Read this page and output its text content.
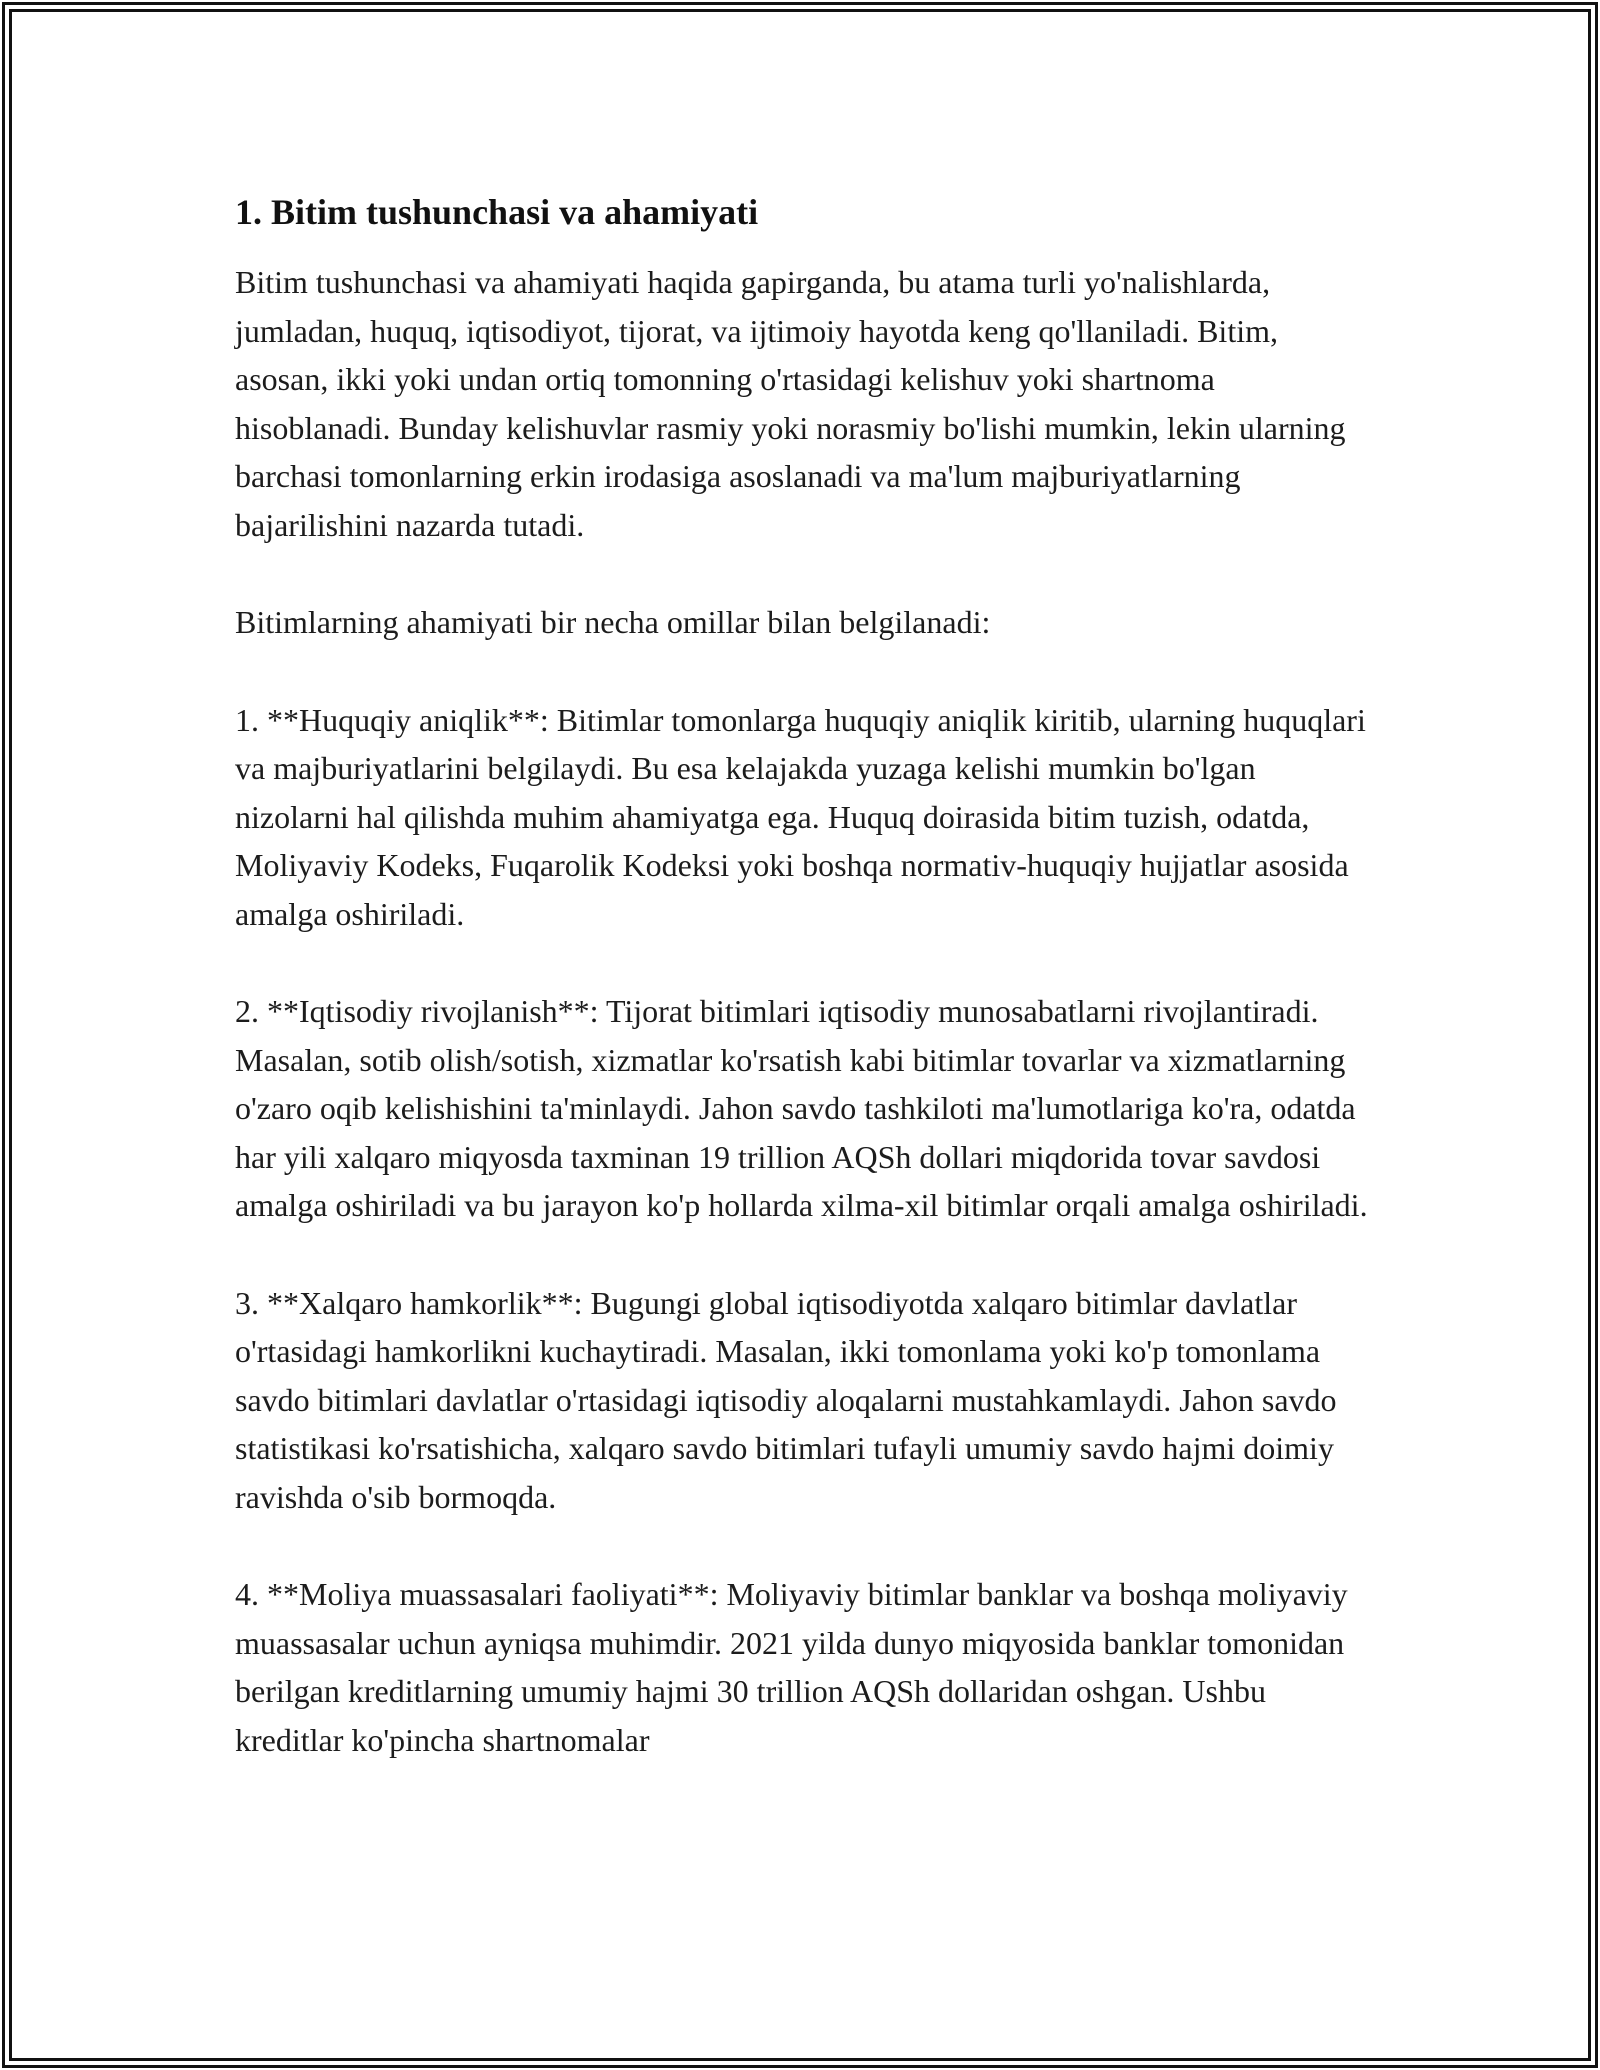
1. Bitim tushunchasi va ahamiyati

Bitim tushunchasi va ahamiyati haqida gapirganda, bu atama turli yo'nalishlarda, jumladan, huquq, iqtisodiyot, tijorat, va ijtimoiy hayotda keng qo'llaniladi. Bitim, asosan, ikki yoki undan ortiq tomonning o'rtasidagi kelishuv yoki shartnoma hisoblanadi. Bunday kelishuvlar rasmiy yoki norasmiy bo'lishi mumkin, lekin ularning barchasi tomonlarning erkin irodasiga asoslanadi va ma'lum majburiyatlarning bajarilishini nazarda tutadi.

Bitimlarning ahamiyati bir necha omillar bilan belgilanadi:

1. **Huquqiy aniqlik**: Bitimlar tomonlarga huquqiy aniqlik kiritib, ularning huquqlari va majburiyatlarini belgilaydi. Bu esa kelajakda yuzaga kelishi mumkin bo'lgan nizolarni hal qilishda muhim ahamiyatga ega. Huquq doirasida bitim tuzish, odatda, Moliyaviy Kodeks, Fuqarolik Kodeksi yoki boshqa normativ-huquqiy hujjatlar asosida amalga oshiriladi.

2. **Iqtisodiy rivojlanish**: Tijorat bitimlari iqtisodiy munosabatlarni rivojlantiradi. Masalan, sotib olish/sotish, xizmatlar ko'rsatish kabi bitimlar tovarlar va xizmatlarning o'zaro oqib kelishishini ta'minlaydi. Jahon savdo tashkiloti ma'lumotlariga ko'ra, odatda har yili xalqaro miqyosda taxminan 19 trillion AQSh dollari miqdorida tovar savdosi amalga oshiriladi va bu jarayon ko'p hollarda xilma-xil bitimlar orqali amalga oshiriladi.

3. **Xalqaro hamkorlik**: Bugungi global iqtisodiyotda xalqaro bitimlar davlatlar o'rtasidagi hamkorlikni kuchaytiradi. Masalan, ikki tomonlama yoki ko'p tomonlama savdo bitimlari davlatlar o'rtasidagi iqtisodiy aloqalarni mustahkamlaydi. Jahon savdo statistikasi ko'rsatishicha, xalqaro savdo bitimlari tufayli umumiy savdo hajmi doimiy ravishda o'sib bormoqda.

4. **Moliya muassasalari faoliyati**: Moliyaviy bitimlar banklar va boshqa moliyaviy muassasalar uchun ayniqsa muhimdir. 2021 yilda dunyo miqyosida banklar tomonidan berilgan kreditlarning umumiy hajmi 30 trillion AQSh dollaridan oshgan. Ushbu kreditlar ko'pincha shartnomalar
